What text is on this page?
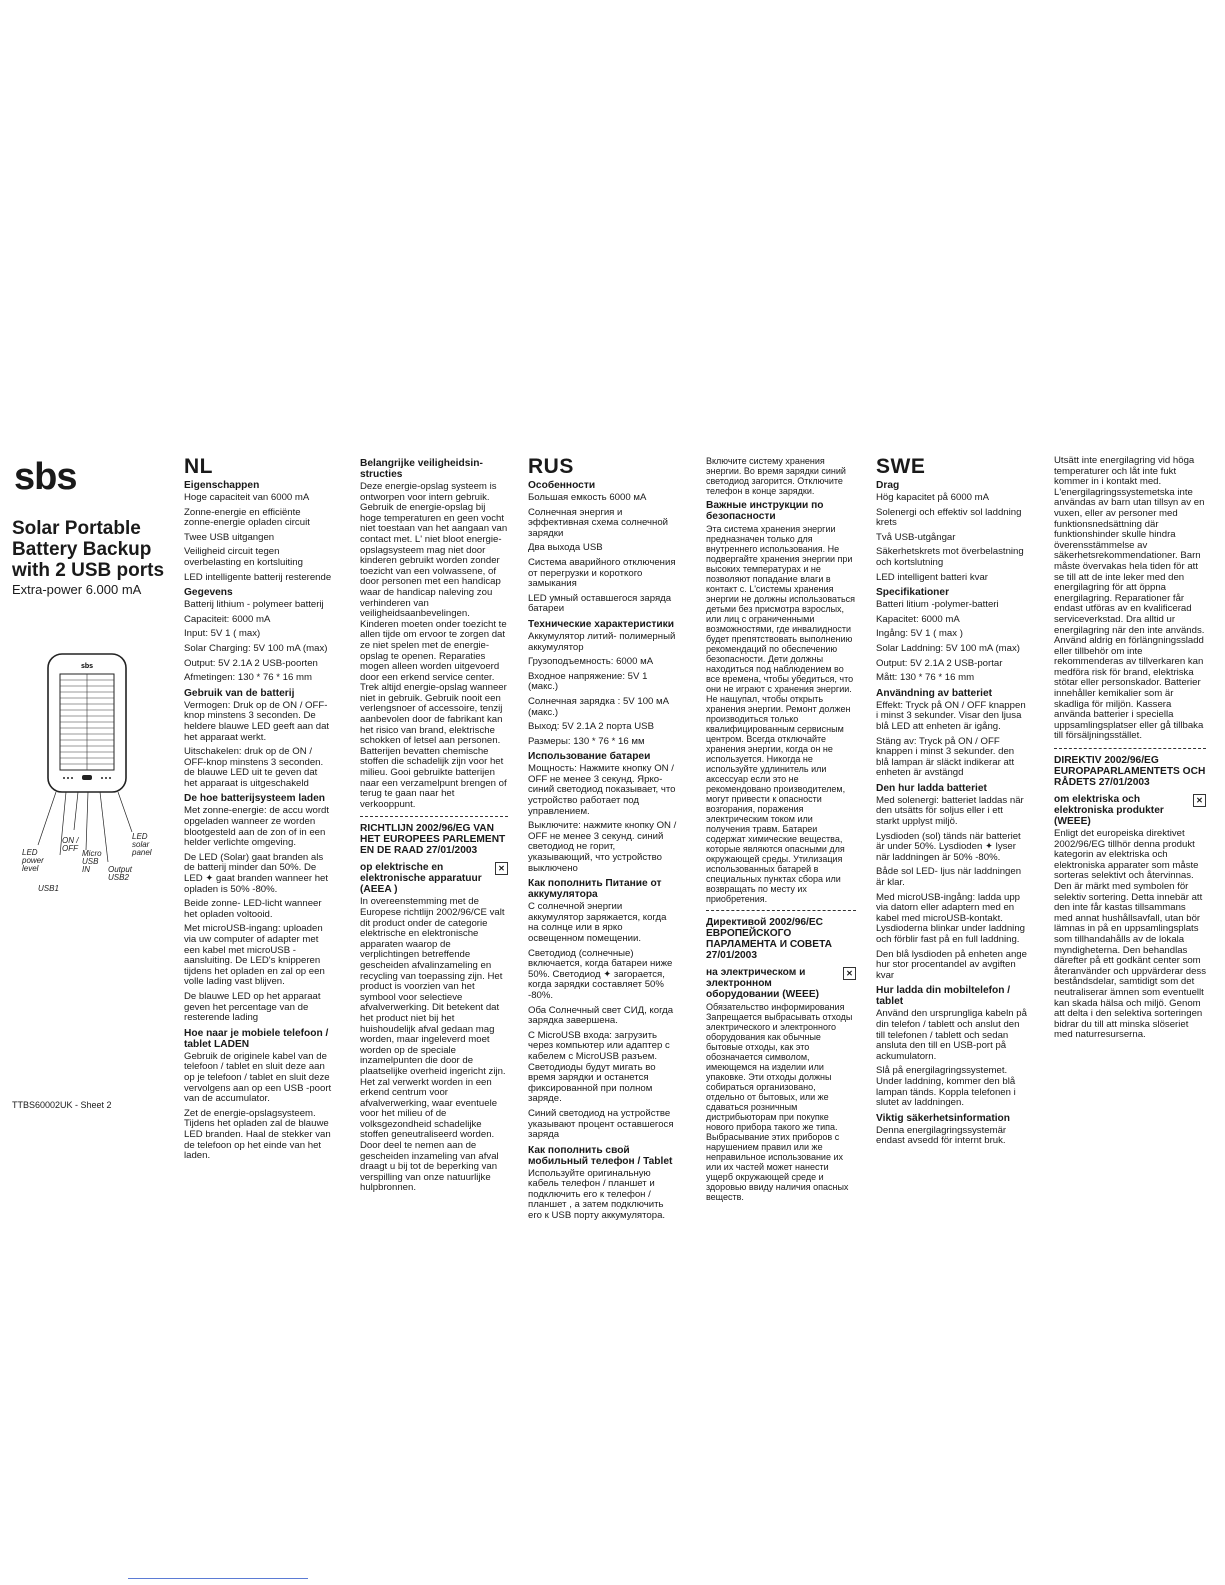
sbs
Solar Portable
Battery Backup
with 2 USB ports
Extra-power 6.000 mA
sbs
LED power level
USB1
ON / OFF
Micro USB IN	Output USB2
LED solar panel
TTBS60002UK - Sheet 2
NL
Eigenschappen

Hoge capaciteit van 6000 mA

Zonne-energie en efficiënte zonne-energie opladen circuit

Twee USB uitgangen

Veiligheid circuit tegen overbelasting en kortsluiting

LED intelligente batterij resterende

Gegevens

Batterij lithium - polymeer batterij

Capaciteit: 6000 mA

Input: 5V 1 ( max)

Solar Charging: 5V 100 mA (max)

Output: 5V 2.1A 2 USB-poorten

Afmetingen: 130 * 76 * 16 mm

Gebruik van de batterij

Vermogen: Druk op de ON / OFF-knop minstens 3 seconden. De heldere blauwe LED geeft aan dat het apparaat werkt.

Uitschakelen: druk op de ON / OFF-knop minstens 3 seconden. de blauwe LED uit te geven dat het apparaat is uitgeschakeld

De hoe batterijsysteem laden

Met zonne-energie: de accu wordt opgeladen wanneer ze worden blootgesteld aan de zon of in een helder verlichte omgeving.

De LED (Solar) gaat branden als de batterij minder dan 50%. De LED ✦ gaat branden wanneer het opladen is 50% -80%.

Beide zonne- LED-licht wanneer het opladen voltooid.

Met microUSB-ingang: uploaden via uw computer of adapter met een kabel met microUSB -aansluiting. De LED's knipperen tijdens het opladen en zal op een volle lading vast blijven.

De blauwe LED op het apparaat geven het percentage van de resterende lading

Hoe naar je mobiele telefoon / tablet LADEN

Gebruik de originele kabel van de telefoon / tablet en sluit deze aan op je telefoon / tablet en sluit deze vervolgens aan op een USB -poort van de accumulator.

Zet de energie-opslagsysteem. Tijdens het opladen zal de blauwe LED branden. Haal de stekker van de telefoon op het einde van het laden.

Belangrijke veiligheidsin- structies

Deze energie-opslag systeem is ontworpen voor intern gebruik. Gebruik de energie-opslag bij hoge temperaturen en geen vocht niet toestaan van het aangaan van contact met. L' niet bloot energie-opslagsysteem mag niet door kinderen gebruikt worden zonder toezicht van een volwassene, of door personen met een handicap waar de handicap naleving zou verhinderen van veiligheidsaanbevelingen. Kinderen moeten onder toezicht te allen tijde om ervoor te zorgen dat ze niet spelen met de energie-opslag te openen. Reparaties mogen alleen worden uitgevoerd door een erkend service center. Trek altijd energie-opslag wanneer niet in gebruik. Gebruik nooit een verlengsnoer of accessoire, tenzij aanbevolen door de fabrikant kan het risico van brand, elektrische schokken of letsel aan personen. Batterijen bevatten chemische stoffen die schadelijk zijn voor het milieu. Gooi gebruikte batterijen naar een verzamelpunt brengen of terug te gaan naar het verkooppunt.

RICHTLIJN 2002/96/EG VAN HET EUROPEES PARLEMENT EN DE RAAD 27/01/2003
✕
op elektrische en elektronische apparatuur (AEEA )

In overeenstemming met de Europese richtlijn 2002/96/CE valt dit product onder de categorie elektrische en elektronische apparaten waarop de verplichtingen betreffende gescheiden afvalinzameling en recycling van toepassing zijn. Het product is voorzien van het symbool voor selectieve afvalverwerking. Dit betekent dat het product niet bij het huishoudelijk afval gedaan mag worden, maar ingeleverd moet worden op de speciale inzamelpunten die door de plaatselijke overheid ingericht zijn. Het zal verwerkt worden in een erkend centrum voor afvalverwerking, waar eventuele voor het milieu of de volksgezondheid schadelijke stoffen geneutraliseerd worden. Door deel te nemen aan de gescheiden inzameling van afval draagt u bij tot de beperking van verspilling van onze natuurlijke hulpbronnen.

RUS
Особенности

Большая емкость 6000 мА

Солнечная энергия и эффективная схема солнечной зарядки

Два выхода USB

Система аварийного отключения от перегрузки и короткого замыкания

LED умный оставшегося заряда батареи

Технические характеристики

Аккумулятор литий- полимерный аккумулятор

Грузоподъемность: 6000 мА

Входное напряжение: 5V 1 (макс.)

Солнечная зарядка : 5V 100 мА (макс.)

Выход: 5V 2.1A 2 порта USB

Размеры: 130 * 76 * 16 мм

Использование батареи

Мощность: Нажмите кнопку ON / OFF не менее 3 секунд. Ярко-синий светодиод показывает, что устройство работает под управлением.

Выключите: нажмите кнопку ON / OFF не менее 3 секунд. синий светодиод не горит, указывающий, что устройство выключено

Как пополнить Питание от аккумулятора

С солнечной энергии аккумулятор заряжается, когда на солнце или в ярко освещенном помещении.

Светодиод (солнечные) включается, когда батареи ниже 50%. Светодиод ✦ загорается, когда зарядки составляет 50% -80%.

Оба Солнечный свет СИД, когда зарядка завершена.

С MicroUSB входа: загрузить через компьютер или адаптер с кабелем с MicroUSB разъем. Светодиоды будут мигать во время зарядки и останется фиксированной при полном заряде.

Синий светодиод на устройстве указывают процент оставшегося заряда

Как пополнить свой мобильный телефон / Tablet

Используйте оригинальную кабель телефон / планшет и подключить его к телефон / планшет , а затем подключить его к USB порту аккумулятора.

Включите систему хранения энергии. Во время зарядки синий светодиод загорится. Отключите телефон в конце зарядки.

Важные инструкции по безопасности

Эта система хранения энергии предназначен только для внутреннего использования. Не подвергайте хранения энергии при высоких температурах и не позволяют попадание влаги в контакт с. L'системы хранения энергии не должны использоваться детьми без присмотра взрослых, или лиц с ограниченными возможностями, где инвалидности будет препятствовать выполнению рекомендаций по обеспечению безопасности. Дети должны находиться под наблюдением во все времена, чтобы убедиться, что они не играют с хранения энергии. Не нащупал, чтобы открыть хранения энергии. Ремонт должен производиться только квалифицированным сервисным центром. Всегда отключайте хранения энергии, когда он не используется. Никогда не используйте удлинитель или аксессуар если это не рекомендовано производителем, могут привести к опасности возгорания, поражения электрическим током или получения травм. Батареи содержат химические вещества, которые являются опасными для окружающей среды. Утилизация использованных батарей в специальных пунктах сбора или возвращать по месту их приобретения.

Директивой 2002/96/ЕС ЕВРОПЕЙСКОГО ПАРЛАМЕНТА И СОВЕТА 27/01/2003
✕
на электрическом и электронном оборудовании (WEEE)

Обязательство информирования Запрещается выбрасывать отходы электрического и электронного оборудования как обычные бытовые отходы, как это обозначается символом, имеющемся на изделии или упаковке. Эти отходы должны собираться организовано, отдельно от бытовых, или же сдаваться розничным дистрибьюторам при покупке нового прибора такого же типа. Выбрасывание этих приборов с нарушением правил или же неправильное использование их или их частей может нанести ущерб окружающей среде и здоровью ввиду наличия опасных веществ.

SWE
Drag

Hög kapacitet på 6000 mA

Solenergi och effektiv sol laddning krets

Två USB-utgångar

Säkerhetskrets mot överbelastning och kortslutning

LED intelligent batteri kvar

Specifikationer

Batteri litium -polymer-batteri

Kapacitet: 6000 mA

Ingång: 5V 1 ( max )

Solar Laddning: 5V 100 mA (max)

Output: 5V 2.1A 2 USB-portar

Mått: 130 * 76 * 16 mm

Användning av batteriet

Effekt: Tryck på ON / OFF knappen i minst 3 sekunder. Visar den ljusa blå LED att enheten är igång.

Stäng av: Tryck på ON / OFF knappen i minst 3 sekunder. den blå lampan är släckt indikerar att enheten är avstängd

Den hur ladda batteriet

Med solenergi: batteriet laddas när den utsätts för soljus eller i ett starkt upplyst miljö.

Lysdioden (sol) tänds när batteriet är under 50%. Lysdioden ✦ lyser när laddningen är 50% -80%.

Både sol LED- ljus när laddningen är klar.

Med microUSB-ingång: ladda upp via datorn eller adaptern med en kabel med microUSB-kontakt. Lysdioderna blinkar under laddning och förblir fast på en full laddning.

Den blå lysdioden på enheten ange hur stor procentandel av avgiften kvar

Hur ladda din mobiltelefon / tablet

Använd den ursprungliga kabeln på din telefon / tablett och anslut den till telefonen / tablett och sedan ansluta den till en USB-port på ackumulatorn.

Slå på energilagringssystemet. Under laddning, kommer den blå lampan tänds. Koppla telefonen i slutet av laddningen.

Viktig säkerhetsinformation

Denna energilagringssystemär endast avsedd för internt bruk.

Utsätt inte energilagring vid höga temperaturer och låt inte fukt kommer in i kontakt med. L'energilagringssystemetska inte användas av barn utan tillsyn av en vuxen, eller av personer med funktionsnedsättning där funktionshinder skulle hindra överensstämmelse av säkerhetsrekommendationer. Barn måste övervakas hela tiden för att se till att de inte leker med den energilagring för att öppna energilagring. Reparationer får endast utföras av en kvalificerad serviceverkstad. Dra alltid ur energilagring när den inte används. Använd aldrig en förlängningssladd eller tillbehör om inte rekommenderas av tillverkaren kan medföra risk för brand, elektriska stötar eller personskador. Batterier innehåller kemikalier som är skadliga för miljön. Kassera använda batterier i speciella uppsamlingsplatser eller gå tillbaka till försäljningsstället.

DIREKTIV 2002/96/EG EUROPAPARLAMENTETS OCH RÅDETS 27/01/2003
✕
om elektriska och elektroniska produkter (WEEE)

Enligt det europeiska direktivet 2002/96/EG tillhör denna produkt kategorin av elektriska och elektroniska apparater som måste sorteras selektivt och återvinnas. Den är märkt med symbolen för selektiv sortering. Detta innebär att den inte får kastas tillsammans med annat hushållsavfall, utan bör lämnas in på en uppsamlingsplats som tillhandahålls av de lokala myndigheterna. Den behandlas därefter på ett godkänt center som återanvänder och uppvärderar dess beståndsdelar, samtidigt som det neutraliserar ämnen som eventuellt kan skada hälsa och miljö. Genom att delta i den selektiva sorteringen bidrar du till att minska slöseriet med naturresurserna.
